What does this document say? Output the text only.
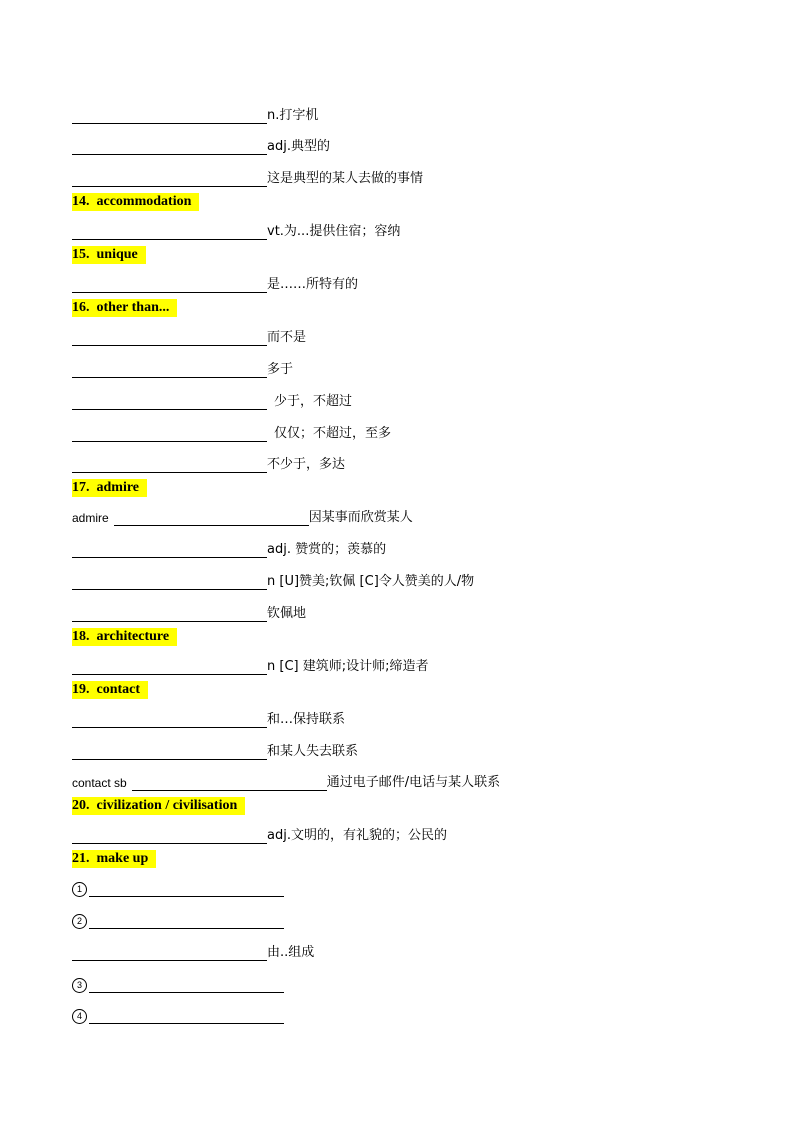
n.打字机
adj.典型的
这是典型的某人去做的事情
14. accommodation
vt.为...提供住宿；容纳
15. unique
是……所特有的
16. other than...
而不是
多于
少于，不超过
仅仅；不超过，至多
不少于，多达
17. admire
admire	因某事而欣赏某人
adj. 赞赏的；羡慕的
n [U]赞美;钦佩 [C]令人赞美的人/物
钦佩地
18. architecture
n [C] 建筑师;设计师;缔造者
19. contact
和…保持联系
和某人失去联系
contact sb	通过电子邮件/电话与某人联系
20. civilization / civilisation
adj.文明的，有礼貌的；公民的
21. make up
1
2
由..组成
3
4
